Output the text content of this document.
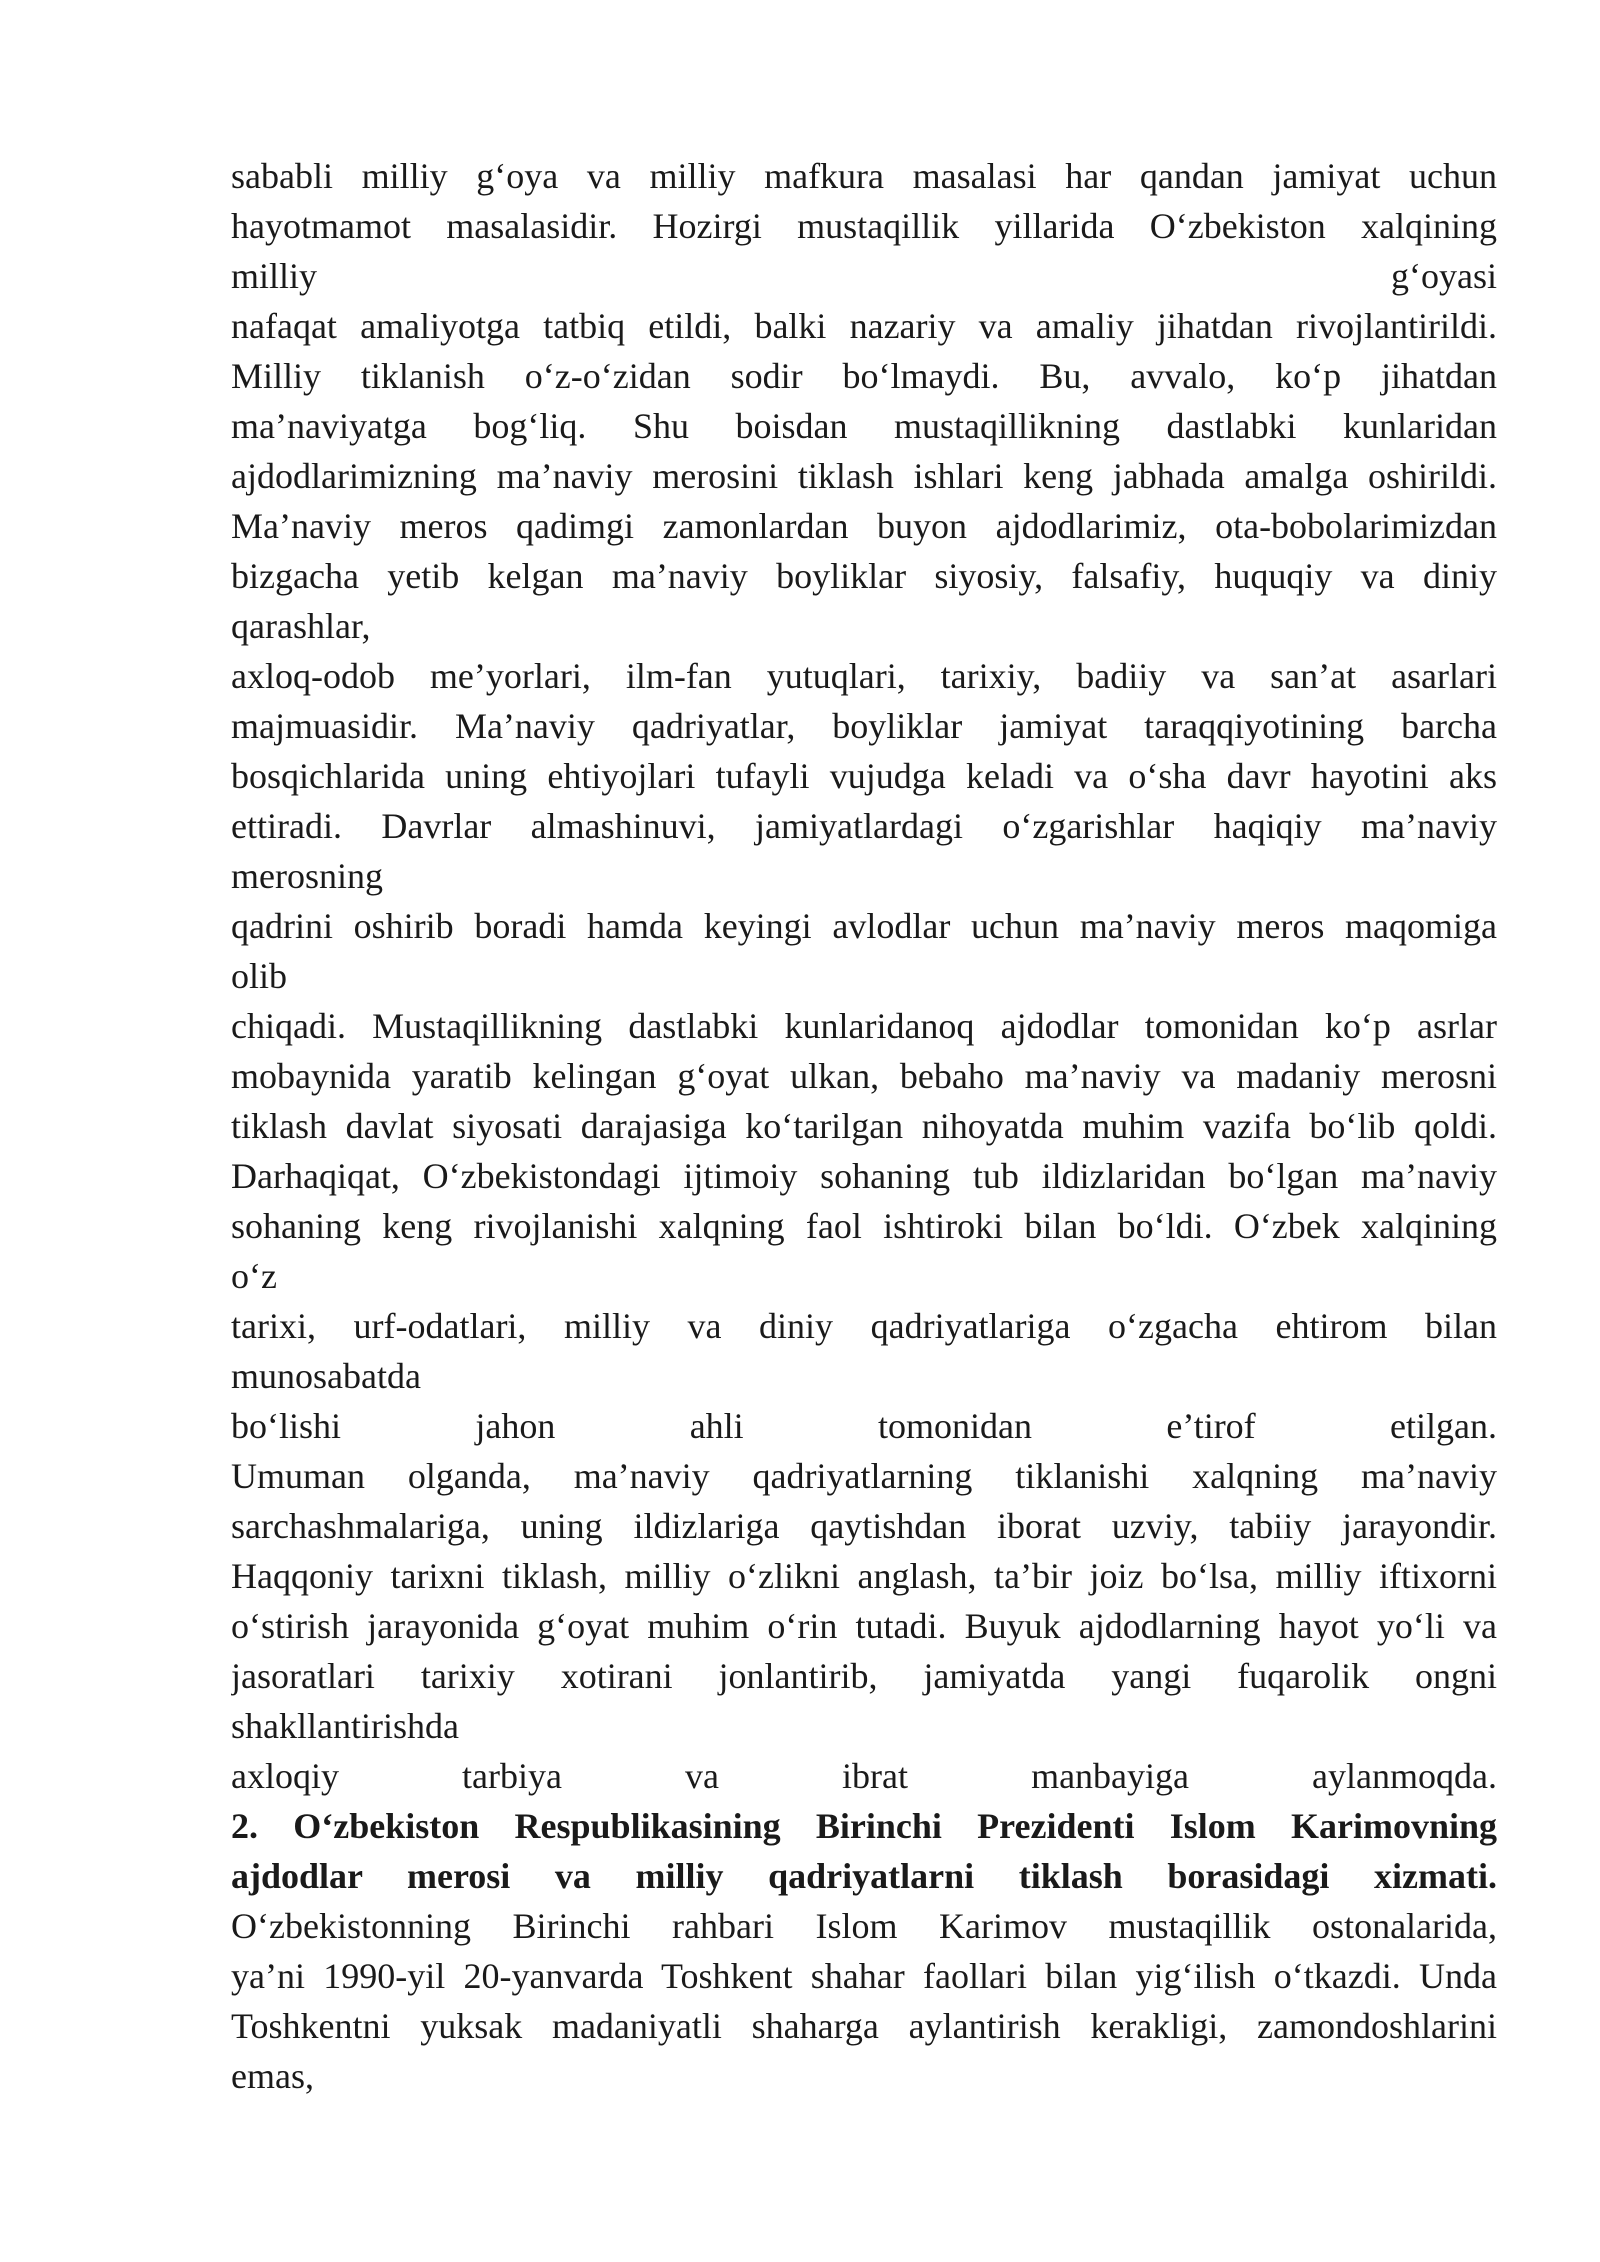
sababli milliy g‘oya va milliy mafkura masalasi har qandan jamiyat uchun
hayotmamot masalasidir. Hozirgi mustaqillik yillarida O‘zbekiston xalqining
milliy g‘oyasi
nafaqat amaliyotga tatbiq etildi, balki nazariy va amaliy jihatdan rivojlantirildi.
Milliy tiklanish o‘z-o‘zidan sodir bo‘lmaydi. Bu, avvalo, ko‘p jihatdan
ma’naviyatga bog‘liq. Shu boisdan mustaqillikning dastlabki kunlaridan
ajdodlarimizning ma’naviy merosini tiklash ishlari keng jabhada amalga oshirildi.
Ma’naviy meros qadimgi zamonlardan buyon ajdodlarimiz, ota-bobolarimizdan
bizgacha yetib kelgan ma’naviy boyliklar siyosiy, falsafiy, huquqiy va diniy
qarashlar,
axloq-odob me’yorlari, ilm-fan yutuqlari, tarixiy, badiiy va san’at asarlari
majmuasidir. Ma’naviy qadriyatlar, boyliklar jamiyat taraqqiyotining barcha
bosqichlarida uning ehtiyojlari tufayli vujudga keladi va o‘sha davr hayotini aks
ettiradi. Davrlar almashinuvi, jamiyatlardagi o‘zgarishlar haqiqiy ma’naviy
merosning
qadrini oshirib boradi hamda keyingi avlodlar uchun ma’naviy meros maqomiga
olib
chiqadi. Mustaqillikning dastlabki kunlaridanoq ajdodlar tomonidan ko‘p asrlar
mobaynida yaratib kelingan g‘oyat ulkan, bebaho ma’naviy va madaniy merosni
tiklash davlat siyosati darajasiga ko‘tarilgan nihoyatda muhim vazifa bo‘lib qoldi.
Darhaqiqat, O‘zbekistondagi ijtimoiy sohaning tub ildizlaridan bo‘lgan ma’naviy
sohaning keng rivojlanishi xalqning faol ishtiroki bilan bo‘ldi. O‘zbek xalqining
o‘z
tarixi, urf-odatlari, milliy va diniy qadriyatlariga o‘zgacha ehtirom bilan
munosabatda
bo‘lishi jahon ahli tomonidan e’tirof etilgan.
Umuman olganda, ma’naviy qadriyatlarning tiklanishi xalqning ma’naviy
sarchashmalariga, uning ildizlariga qaytishdan iborat uzviy, tabiiy jarayondir.
Haqqoniy tarixni tiklash, milliy o‘zlikni anglash, ta’bir joiz bo‘lsa, milliy iftixorni
o‘stirish jarayonida g‘oyat muhim o‘rin tutadi. Buyuk ajdodlarning hayot yo‘li va
jasoratlari tarixiy xotirani jonlantirib, jamiyatda yangi fuqarolik ongni
shakllantirishda
axloqiy tarbiya va ibrat manbayiga aylanmoqda.
2. O‘zbekiston Respublikasining Birinchi Prezidenti Islom Karimovning
ajdodlar merosi va milliy qadriyatlarni tiklash borasidagi xizmati.
O‘zbekistonning Birinchi rahbari Islom Karimov mustaqillik ostonalarida,
ya’ni 1990-yil 20-yanvarda Toshkent shahar faollari bilan yig‘ilish o‘tkazdi. Unda
Toshkentni yuksak madaniyatli shaharga aylantirish kerakligi, zamondoshlarini
emas,
